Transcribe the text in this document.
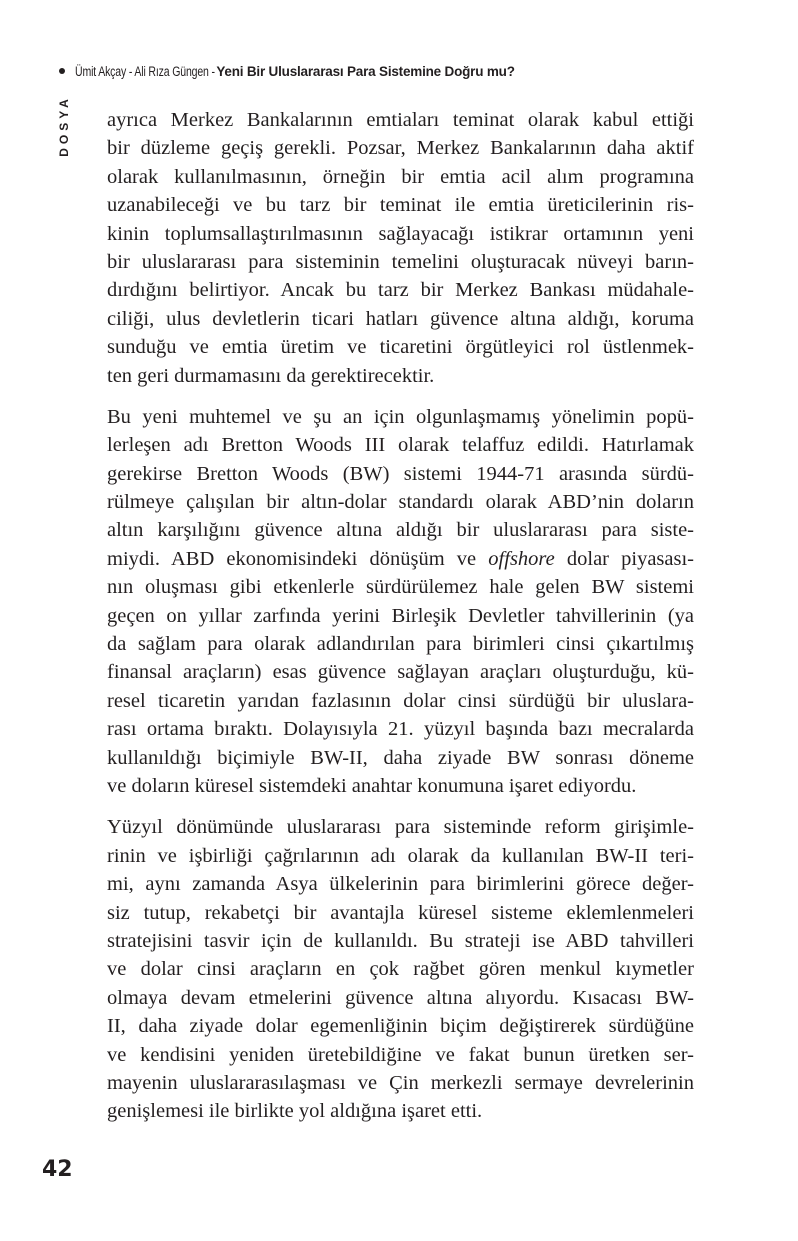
Ümit Akçay - Ali Rıza Güngen -Yeni Bir Uluslararası Para Sistemine Doğru mu?
DOSYA ayrıca Merkez Bankalarının emtiaları teminat olarak kabul ettiği
bir düzleme geçiş gerekli. Pozsar, Merkez Bankalarının daha aktif
olarak kullanılmasının, örneğin bir emtia acil alım programına
uzanabileceği ve bu tarz bir teminat ile emtia üreticilerinin ris-
kinin toplumsallaştırılmasının sağlayacağı istikrar ortamının yeni
bir uluslararası para sisteminin temelini oluşturacak nüveyi barın-
dırdığını belirtiyor. Ancak bu tarz bir Merkez Bankası müdahale-
ciliği, ulus devletlerin ticari hatları güvence altına aldığı, koruma
sunduğu ve emtia üretim ve ticaretini örgütleyici rol üstlenmek-
ten geri durmamasını da gerektirecektir.
Bu yeni muhtemel ve şu an için olgunlaşmamış yönelimin popü-
lerleşen adı Bretton Woods III olarak telaffuz edildi. Hatırlamak
gerekirse Bretton Woods (BW) sistemi 1944-71 arasında sürdü-
rülmeye çalışılan bir altın-dolar standardı olarak ABD’nin doların
altın karşılığını güvence altına aldığı bir uluslararası para siste-
miydi. ABD ekonomisindeki dönüşüm ve offshore dolar piyasası-
nın oluşması gibi etkenlerle sürdürülemez hale gelen BW sistemi
geçen on yıllar zarfında yerini Birleşik Devletler tahvillerinin (ya
da sağlam para olarak adlandırılan para birimleri cinsi çıkartılmış
finansal araçların) esas güvence sağlayan araçları oluşturduğu, kü-
resel ticaretin yarıdan fazlasının dolar cinsi sürdüğü bir uluslara-
rası ortama bıraktı. Dolayısıyla 21. yüzyıl başında bazı mecralarda
kullanıldığı biçimiyle BW-II, daha ziyade BW sonrası döneme
ve doların küresel sistemdeki anahtar konumuna işaret ediyordu.
Yüzyıl dönümünde uluslararası para sisteminde reform girişimle-
rinin ve işbirliği çağrılarının adı olarak da kullanılan BW-II teri-
mi, aynı zamanda Asya ülkelerinin para birimlerini görece değer-
siz tutup, rekabetçi bir avantajla küresel sisteme eklemlenmeleri
stratejisini tasvir için de kullanıldı. Bu strateji ise ABD tahvilleri
ve dolar cinsi araçların en çok rağbet gören menkul kıymetler
olmaya devam etmelerini güvence altına alıyordu. Kısacası BW-
II, daha ziyade dolar egemenliğinin biçim değiştirerek sürdüğüne
ve kendisini yeniden üretebildiğine ve fakat bunun üretken ser-
mayenin uluslararasılaşması ve Çin merkezli sermaye devrelerinin
genişlemesi ile birlikte yol aldığına işaret etti.
42
